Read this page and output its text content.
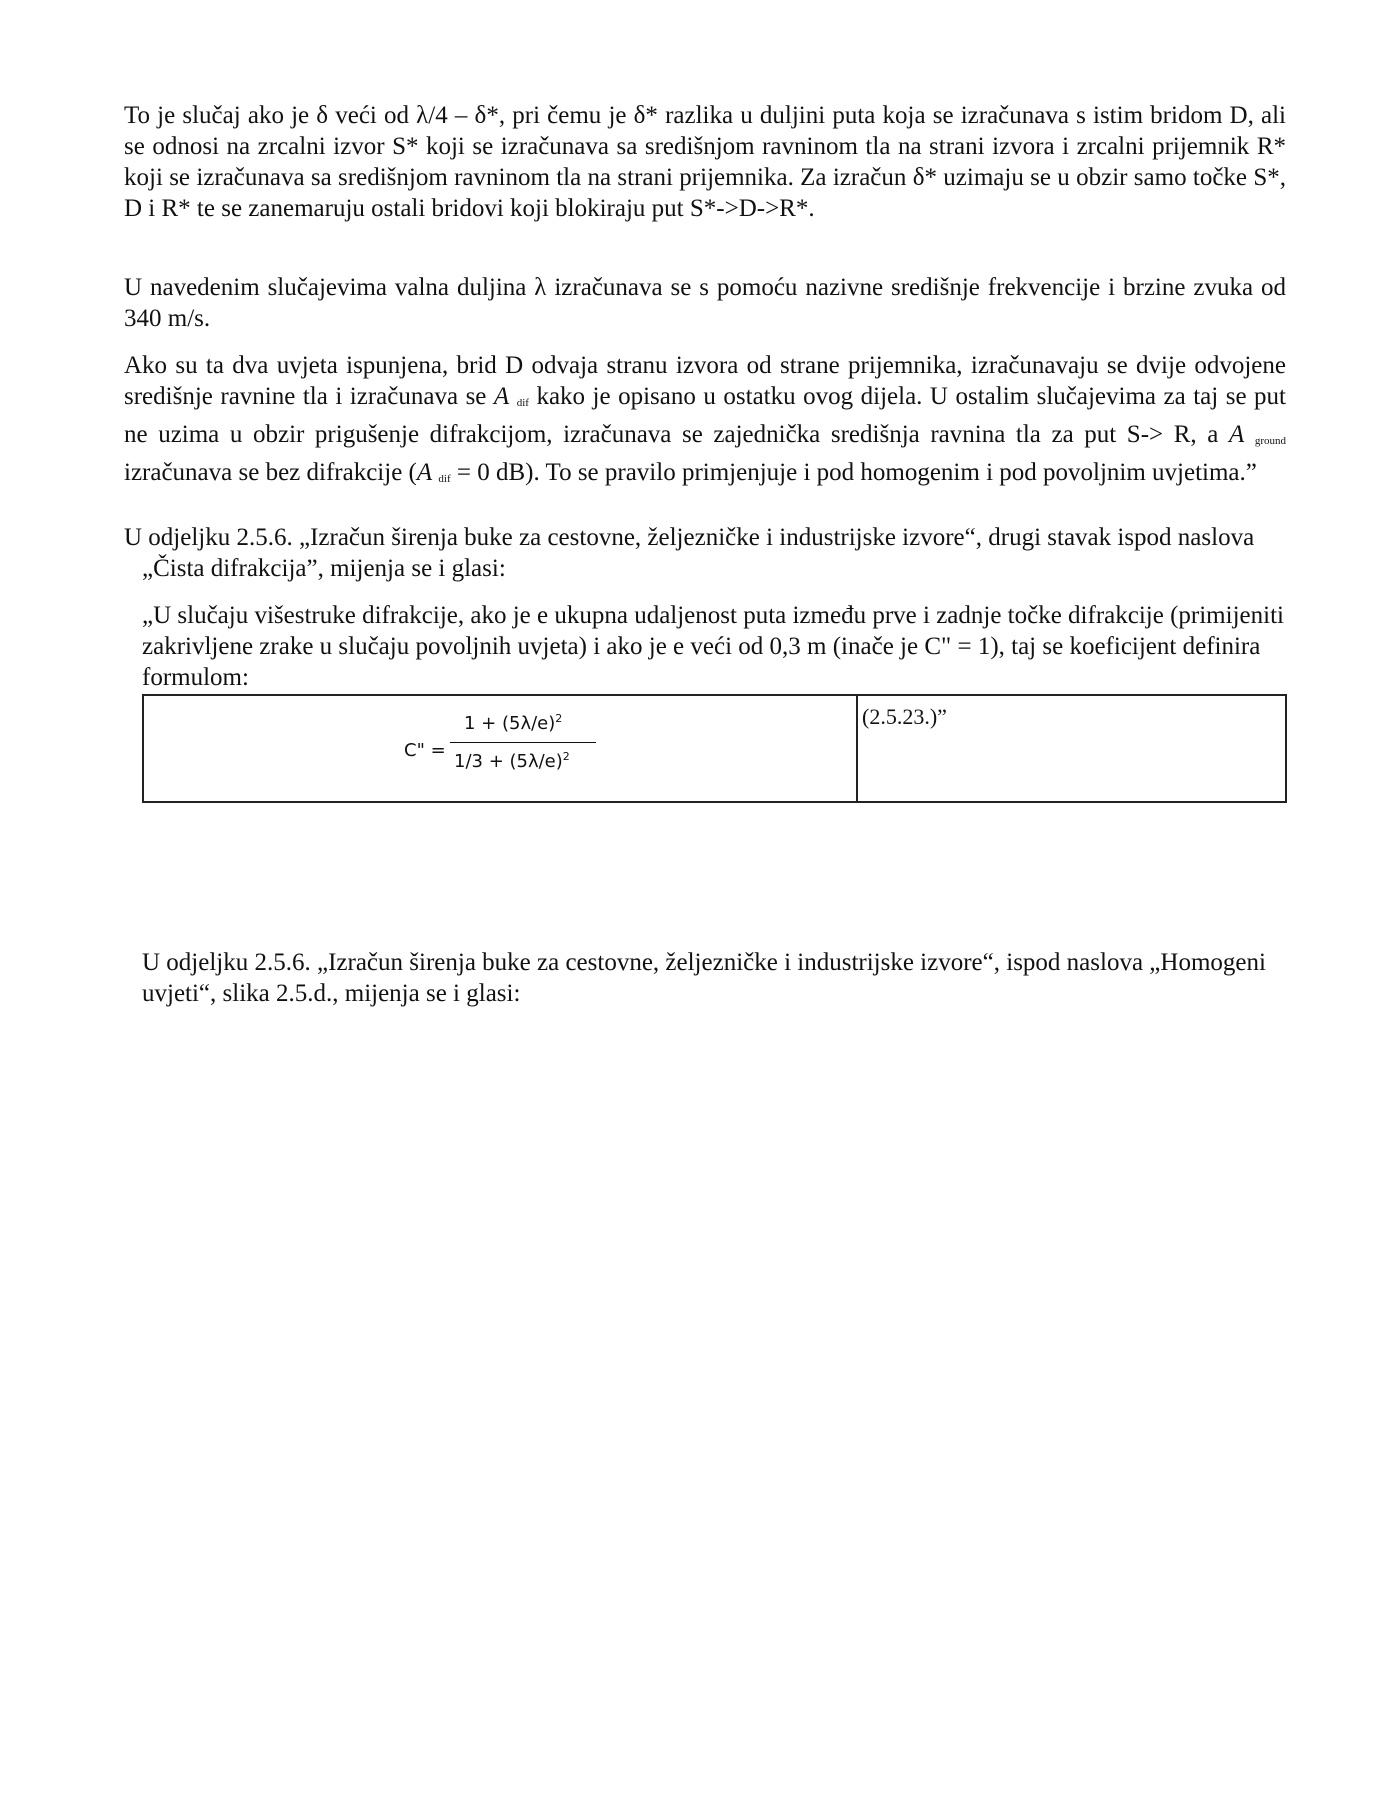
To je slučaj ako je δ veći od λ/4 – δ*, pri čemu je δ* razlika u duljini puta koja se izračunava s istim bridom D, ali se odnosi na zrcalni izvor S* koji se izračunava sa središnjom ravninom tla na strani izvora i zrcalni prijemnik R* koji se izračunava sa središnjom ravninom tla na strani prijemnika. Za izračun δ* uzimaju se u obzir samo točke S*, D i R* te se zanemaruju ostali bridovi koji blokiraju put S*->D->R*.

U navedenim slučajevima valna duljina λ izračunava se s pomoću nazivne središnje frekvencije i brzine zvuka od 340 m/s.

Ako su ta dva uvjeta ispunjena, brid D odvaja stranu izvora od strane prijemnika, izračunavaju se dvije odvojene središnje ravnine tla i izračunava se A dif kako je opisano u ostatku ovog dijela. U ostalim slučajevima za taj se put ne uzima u obzir prigušenje difrakcijom, izračunava se zajednička središnja ravnina tla za put S-> R, a A ground izračunava se bez difrakcije (A dif = 0 dB). To se pravilo primjenjuje i pod homogenim i pod povoljnim uvjetima.”

U odjeljku 2.5.6. „Izračun širenja buke za cestovne, željezničke i industrijske izvore“, drugi stavak ispod naslova „Čista difrakcija”, mijenja se i glasi:

„U slučaju višestruke difrakcije, ako je e ukupna udaljenost puta između prve i zadnje točke difrakcije (primijeniti zakrivljene zrake u slučaju povoljnih uvjeta) i ako je e veći od 0,3 m (inače je C" = 1), taj se koeficijent definira formulom:

C" =
$1 + (5\lambda/e)^2$
$1/3 + (5\lambda/e)^2$
	(2.5.23.)”

U odjeljku 2.5.6. „Izračun širenja buke za cestovne, željezničke i industrijske izvore“, ispod naslova „Homogeni uvjeti“, slika 2.5.d., mijenja se i glasi:
